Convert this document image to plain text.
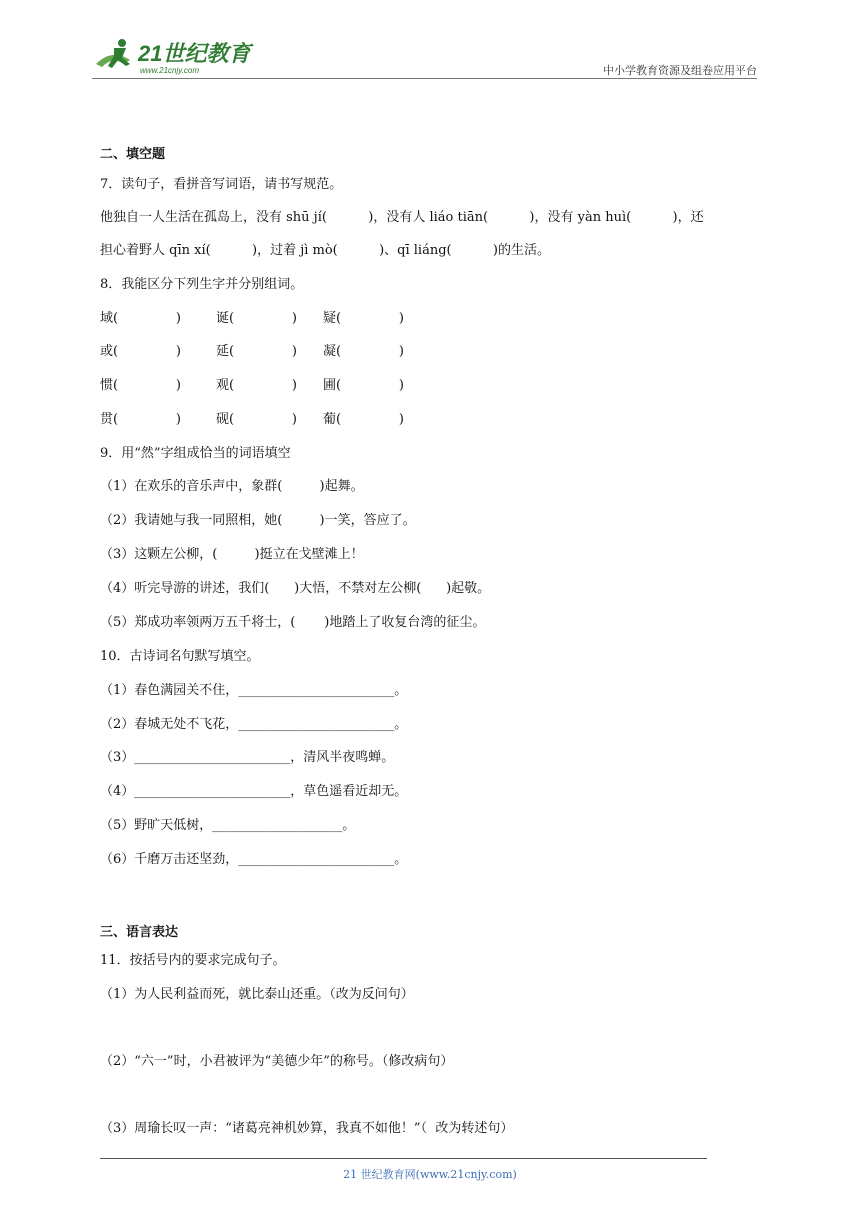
21世纪教育
www.21cnjy.com	中小学教育资源及组卷应用平台
二、填空题
7．读句子，看拼音写词语，请书写规范。
他独自一人生活在孤岛上，没有 shū jí(          )，没有人 liáo tiān(          )，没有 yàn huì(          )，还
担心着野人 qīn xí(          )，过着 jì mò(          )、qī liáng(          )的生活。
8．我能区分下列生字并分别组词。
域(              )	诞(              ) 疑(              )
或(              )	延(              ) 凝(              )
惯(              )	观(              ) 圃(              )
贯(              )	砚(              ) 葡(              )
9．用“然”字组成恰当的词语填空
（1）在欢乐的音乐声中，象群(         )起舞。
（2）我请她与我一同照相，她(         )一笑，答应了。
（3）这颗左公柳，(         )挺立在戈壁滩上！
（4）听完导游的讲述，我们(      )大悟，不禁对左公柳(      )起敬。
（5）郑成功率领两万五千将士，(       )地踏上了收复台湾的征尘。
10．古诗词名句默写填空。
（1）春色满园关不住，________________________。
（2）春城无处不飞花，________________________。
（3）________________________，清风半夜鸣蝉。
（4）________________________，草色遥看近却无。
（5）野旷天低树，____________________。
（6）千磨万击还坚劲，________________________。
三、语言表达
11．按括号内的要求完成句子。
（1）为人民利益而死，就比泰山还重。（改为反问句）
（2）“六一”时，小君被评为“美德少年”的称号。（修改病句）
（3）周瑜长叹一声：“诸葛亮神机妙算，我真不如他！”（  改为转述句）
21 世纪教育网(www.21cnjy.com)
